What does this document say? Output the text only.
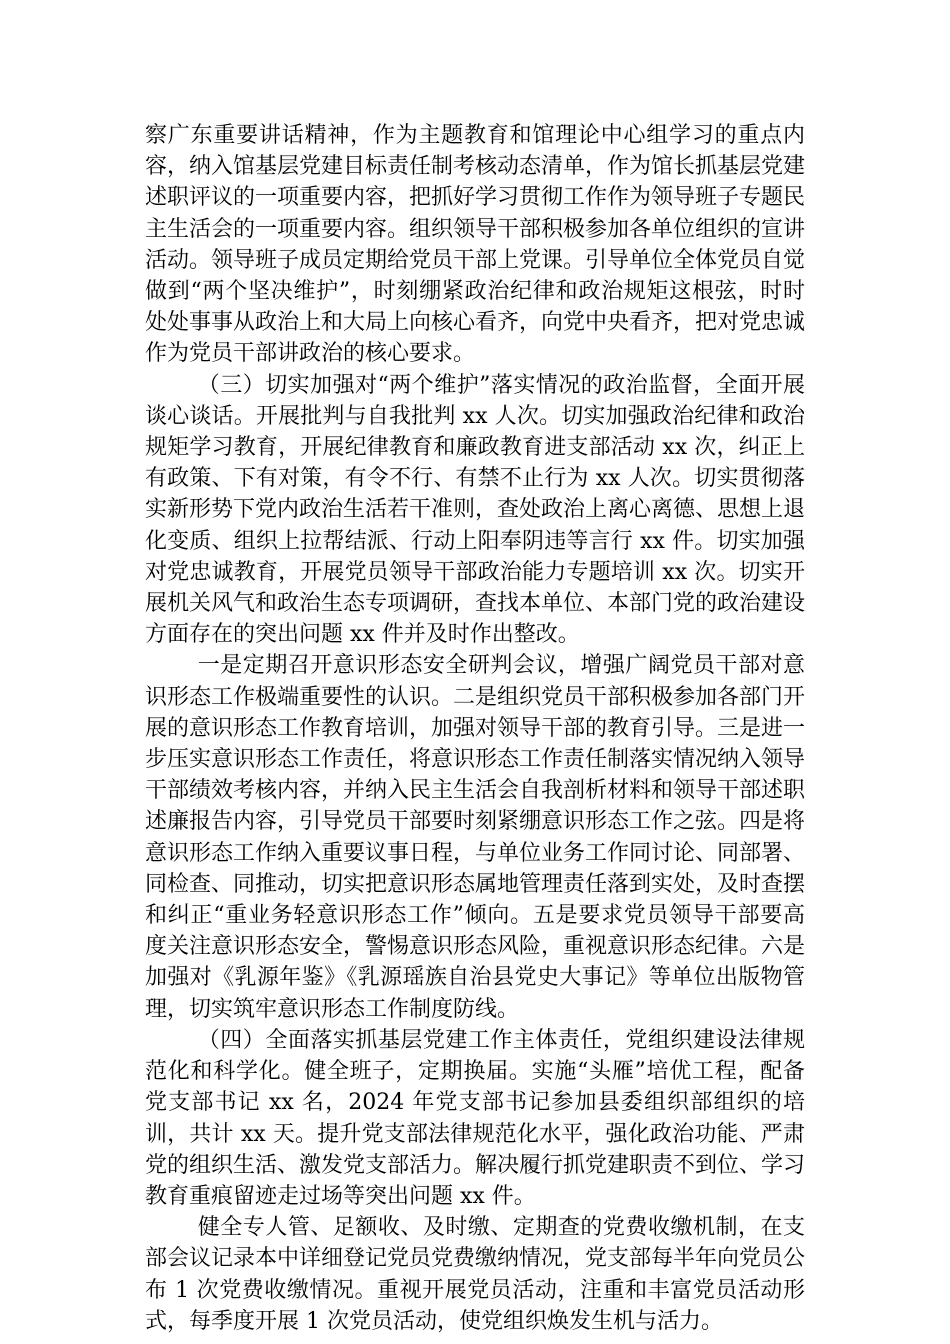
察广东重要讲话精神，作为主题教育和馆理论中心组学习的重点内容，纳入馆基层党建目标责任制考核动态清单，作为馆长抓基层党建述职评议的一项重要内容，把抓好学习贯彻工作作为领导班子专题民主生活会的一项重要内容。组织领导干部积极参加各单位组织的宣讲活动。领导班子成员定期给党员干部上党课。引导单位全体党员自觉做到“两个坚决维护”，时刻绷紧政治纪律和政治规矩这根弦，时时处处事事从政治上和大局上向核心看齐，向党中央看齐，把对党忠诚作为党员干部讲政治的核心要求。

（三）切实加强对“两个维护”落实情况的政治监督，全面开展谈心谈话。开展批判与自我批判 xx 人次。切实加强政治纪律和政治规矩学习教育，开展纪律教育和廉政教育进支部活动 xx 次，纠正上有政策、下有对策，有令不行、有禁不止行为 xx 人次。切实贯彻落实新形势下党内政治生活若干准则，查处政治上离心离德、思想上退化变质、组织上拉帮结派、行动上阳奉阴违等言行 xx 件。切实加强对党忠诚教育，开展党员领导干部政治能力专题培训 xx 次。切实开展机关风气和政治生态专项调研，查找本单位、本部门党的政治建设方面存在的突出问题 xx 件并及时作出整改。

一是定期召开意识形态安全研判会议，增强广阔党员干部对意识形态工作极端重要性的认识。二是组织党员干部积极参加各部门开展的意识形态工作教育培训，加强对领导干部的教育引导。三是进一步压实意识形态工作责任，将意识形态工作责任制落实情况纳入领导干部绩效考核内容，并纳入民主生活会自我剖析材料和领导干部述职述廉报告内容，引导党员干部要时刻紧绷意识形态工作之弦。四是将意识形态工作纳入重要议事日程，与单位业务工作同讨论、同部署、同检查、同推动，切实把意识形态属地管理责任落到实处，及时查摆和纠正“重业务轻意识形态工作”倾向。五是要求党员领导干部要高度关注意识形态安全，警惕意识形态风险，重视意识形态纪律。六是加强对《乳源年鉴》《乳源瑶族自治县党史大事记》等单位出版物管理，切实筑牢意识形态工作制度防线。

（四）全面落实抓基层党建工作主体责任，党组织建设法律规范化和科学化。健全班子，定期换届。实施“头雁”培优工程，配备党支部书记 xx 名，2024 年党支部书记参加县委组织部组织的培训，共计 xx 天。提升党支部法律规范化水平，强化政治功能、严肃党的组织生活、激发党支部活力。解决履行抓党建职责不到位、学习教育重痕留迹走过场等突出问题 xx 件。

健全专人管、足额收、及时缴、定期查的党费收缴机制，在支部会议记录本中详细登记党员党费缴纳情况，党支部每半年向党员公布 1 次党费收缴情况。重视开展党员活动，注重和丰富党员活动形式，每季度开展 1 次党员活动，使党组织焕发生机与活力。
